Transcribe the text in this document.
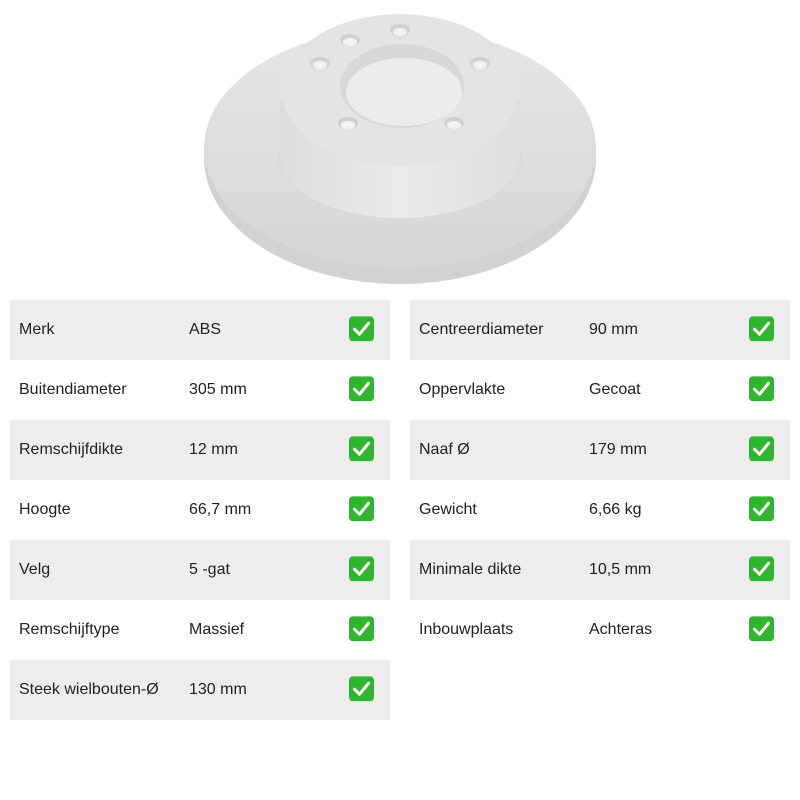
Merk	ABS
Buitendiameter	305 mm
Remschijfdikte	12 mm
Hoogte	66,7 mm
Velg	5 -gat
Remschijftype	Massief
Steek wielbouten-Ø 130 mm
Centreerdiameter	90 mm
Oppervlakte	Gecoat
Naaf Ø	179 mm
Gewicht	6,66 kg
Minimale dikte	10,5 mm
Inbouwplaats	Achteras
